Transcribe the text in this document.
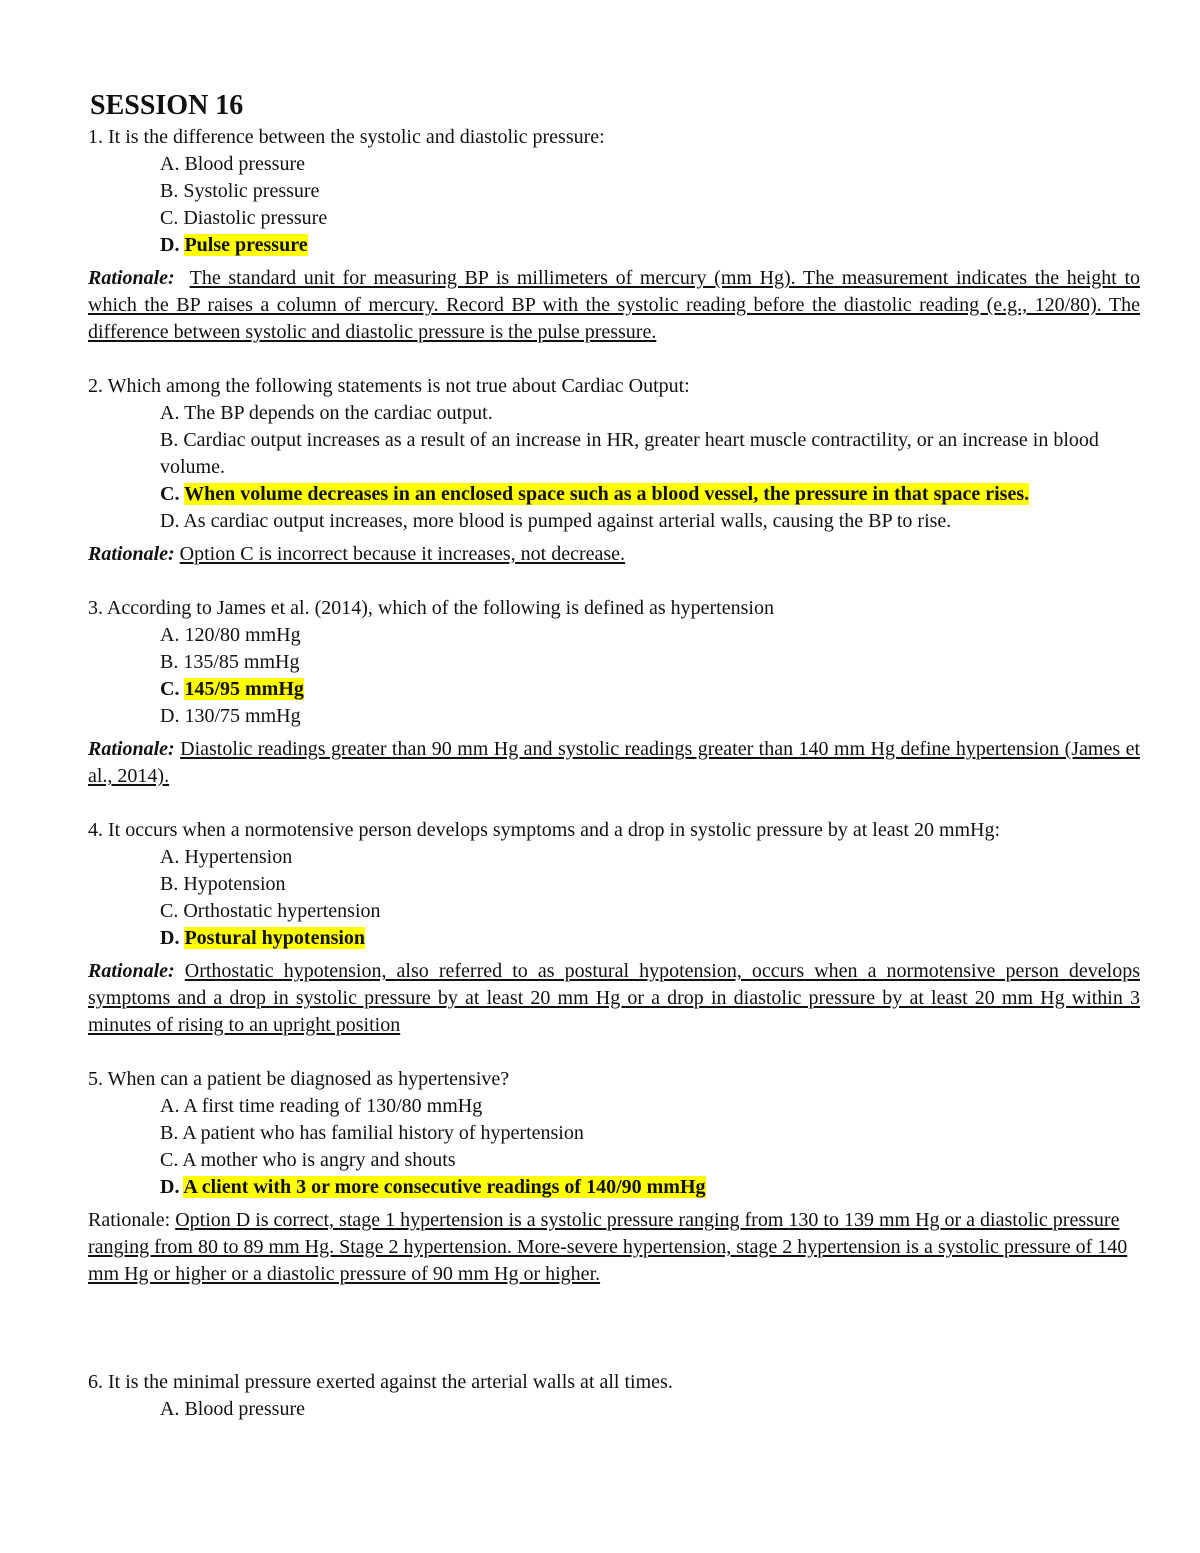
SESSION 16
1. It is the difference between the systolic and diastolic pressure:
A. Blood pressure
B. Systolic pressure
C. Diastolic pressure
D. Pulse pressure
Rationale: The standard unit for measuring BP is millimeters of mercury (mm Hg). The measurement indicates the height to which the BP raises a column of mercury. Record BP with the systolic reading before the diastolic reading (e.g., 120/80). The difference between systolic and diastolic pressure is the pulse pressure.
2. Which among the following statements is not true about Cardiac Output:
A. The BP depends on the cardiac output.
B. Cardiac output increases as a result of an increase in HR, greater heart muscle contractility, or an increase in blood volume.
C. When volume decreases in an enclosed space such as a blood vessel, the pressure in that space rises.
D. As cardiac output increases, more blood is pumped against arterial walls, causing the BP to rise.
Rationale: Option C is incorrect because it increases, not decrease.
3. According to James et al. (2014), which of the following is defined as hypertension
A. 120/80 mmHg
B. 135/85 mmHg
C. 145/95 mmHg
D. 130/75 mmHg
Rationale: Diastolic readings greater than 90 mm Hg and systolic readings greater than 140 mm Hg define hypertension (James et al., 2014).
4. It occurs when a normotensive person develops symptoms and a drop in systolic pressure by at least 20 mmHg:
A. Hypertension
B. Hypotension
C. Orthostatic hypertension
D. Postural hypotension
Rationale: Orthostatic hypotension, also referred to as postural hypotension, occurs when a normotensive person develops symptoms and a drop in systolic pressure by at least 20 mm Hg or a drop in diastolic pressure by at least 20 mm Hg within 3 minutes of rising to an upright position
5. When can a patient be diagnosed as hypertensive?
A. A first time reading of 130/80 mmHg
B. A patient who has familial history of hypertension
C. A mother who is angry and shouts
D. A client with 3 or more consecutive readings of 140/90 mmHg
Rationale: Option D is correct, stage 1 hypertension is a systolic pressure ranging from 130 to 139 mm Hg or a diastolic pressure ranging from 80 to 89 mm Hg. Stage 2 hypertension. More-severe hypertension, stage 2 hypertension is a systolic pressure of 140 mm Hg or higher or a diastolic pressure of 90 mm Hg or higher.
6. It is the minimal pressure exerted against the arterial walls at all times.
A. Blood pressure
